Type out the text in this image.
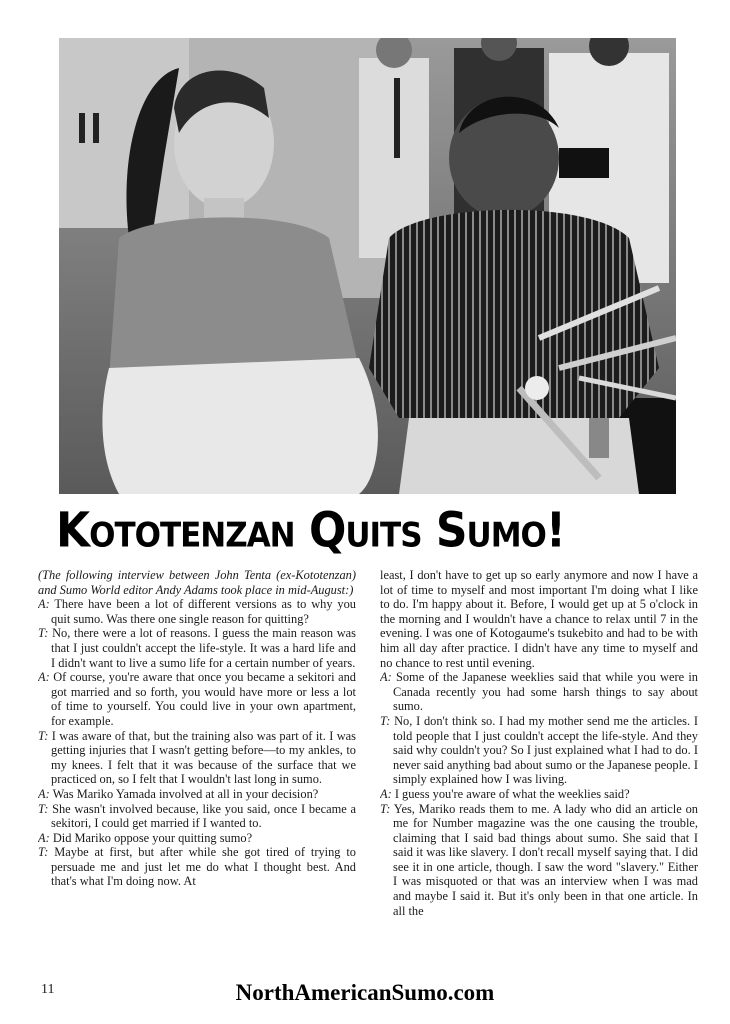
Kototenzan Quits Sumo!

(The following interview between John Tenta (ex-Kototenzan) and Sumo World editor Andy Adams took place in mid-August:)

A: There have been a lot of different versions as to why you quit sumo. Was there one single reason for quitting?

T: No, there were a lot of reasons. I guess the main reason was that I just couldn't accept the life-style. It was a hard life and I didn't want to live a sumo life for a certain number of years.

A: Of course, you're aware that once you became a sekitori and got married and so forth, you would have more or less a lot of time to yourself. You could live in your own apartment, for example.

T: I was aware of that, but the training also was part of it. I was getting injuries that I wasn't getting before—to my ankles, to my knees. I felt that it was because of the surface that we practiced on, so I felt that I wouldn't last long in sumo.

A: Was Mariko Yamada involved at all in your decision?

T: She wasn't involved because, like you said, once I became a sekitori, I could get married if I wanted to.

A: Did Mariko oppose your quitting sumo?

T: Maybe at first, but after while she got tired of trying to persuade me and just let me do what I thought best. And that's what I'm doing now. At

least, I don't have to get up so early anymore and now I have a lot of time to myself and most important I'm doing what I like to do. I'm happy about it. Before, I would get up at 5 o'clock in the morning and I wouldn't have a chance to relax until 7 in the evening. I was one of Kotogaume's tsukebito and had to be with him all day after practice. I didn't have any time to myself and no chance to rest until evening.

A: Some of the Japanese weeklies said that while you were in Canada recently you had some harsh things to say about sumo.

T: No, I don't think so. I had my mother send me the articles. I told people that I just couldn't accept the life-style. And they said why couldn't you? So I just explained what I had to do. I never said anything bad about sumo or the Japanese people. I simply explained how I was living.

A: I guess you're aware of what the weeklies said?

T: Yes, Mariko reads them to me. A lady who did an article on me for Number magazine was the one causing the trouble, claiming that I said bad things about sumo. She said that I said it was like slavery. I don't recall myself saying that. I did see it in one article, though. I saw the word "slavery." Either I was misquoted or that was an interview when I was mad and maybe I said it. But it's only been in that one article. In all the

11	NorthAmericanSumo.com
